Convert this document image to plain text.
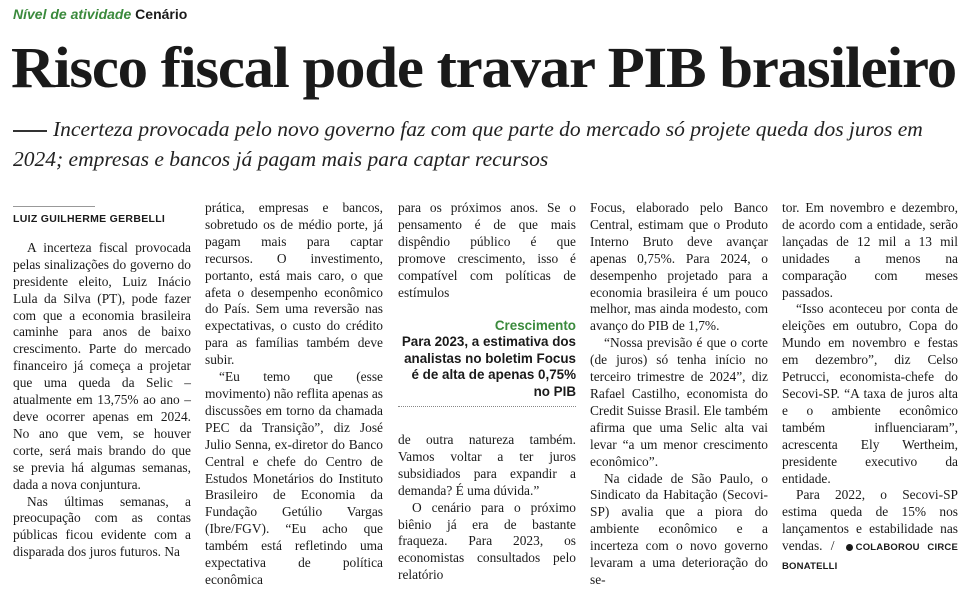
Nível de atividade Cenário
Risco fiscal pode travar PIB brasileiro
Incerteza provocada pelo novo governo faz com que parte do mercado só projete queda dos juros em 2024; empresas e bancos já pagam mais para captar recursos
LUIZ GUILHERME GERBELLI

A incerteza fiscal provocada pelas sinalizações do governo do presidente eleito, Luiz Inácio Lula da Silva (PT), pode fazer com que a economia brasileira caminhe para anos de baixo crescimento. Parte do mercado financeiro já começa a projetar que uma queda da Selic – atualmente em 13,75% ao ano – deve ocorrer apenas em 2024. No ano que vem, se houver corte, será mais brando do que se previa há algumas semanas, dada a nova conjuntura.

Nas últimas semanas, a preocupação com as contas públicas ficou evidente com a disparada dos juros futuros. Na

prática, empresas e bancos, sobretudo os de médio porte, já pagam mais para captar recursos. O investimento, portanto, está mais caro, o que afeta o desempenho econômico do País. Sem uma reversão nas expectativas, o custo do crédito para as famílias também deve subir.

“Eu temo que (esse movimento) não reflita apenas as discussões em torno da chamada PEC da Transição”, diz José Julio Senna, ex-diretor do Banco Central e chefe do Centro de Estudos Monetários do Instituto Brasileiro de Economia da Fundação Getúlio Vargas (Ibre/FGV). “Eu acho que também está refletindo uma expectativa de política econômica

para os próximos anos. Se o pensamento é de que mais dispêndio público é que promove crescimento, isso é compatível com políticas de estímulos

Crescimento
Para 2023, a estimativa dos analistas no boletim Focus é de alta de apenas 0,75% no PIB

de outra natureza também. Vamos voltar a ter juros subsidiados para expandir a demanda? É uma dúvida.”

O cenário para o próximo biênio já era de bastante fraqueza. Para 2023, os economistas consultados pelo relatório

Focus, elaborado pelo Banco Central, estimam que o Produto Interno Bruto deve avançar apenas 0,75%. Para 2024, o desempenho projetado para a economia brasileira é um pouco melhor, mas ainda modesto, com avanço do PIB de 1,7%.

“Nossa previsão é que o corte (de juros) só tenha início no terceiro trimestre de 2024”, diz Rafael Castilho, economista do Credit Suisse Brasil. Ele também afirma que uma Selic alta vai levar “a um menor crescimento econômico”.

Na cidade de São Paulo, o Sindicato da Habitação (Secovi-SP) avalia que a piora do ambiente econômico e a incerteza com o novo governo levaram a uma deterioração do se-

tor. Em novembro e dezembro, de acordo com a entidade, serão lançadas de 12 mil a 13 mil unidades a menos na comparação com meses passados.

“Isso aconteceu por conta de eleições em outubro, Copa do Mundo em novembro e festas em dezembro”, diz Celso Petrucci, economista-chefe do Secovi-SP. “A taxa de juros alta e o ambiente econômico também influenciaram”, acrescenta Ely Wertheim, presidente executivo da entidade.

Para 2022, o Secovi-SP estima queda de 15% nos lançamentos e estabilidade nas vendas. / COLABOROU CIRCE BONATELLI
